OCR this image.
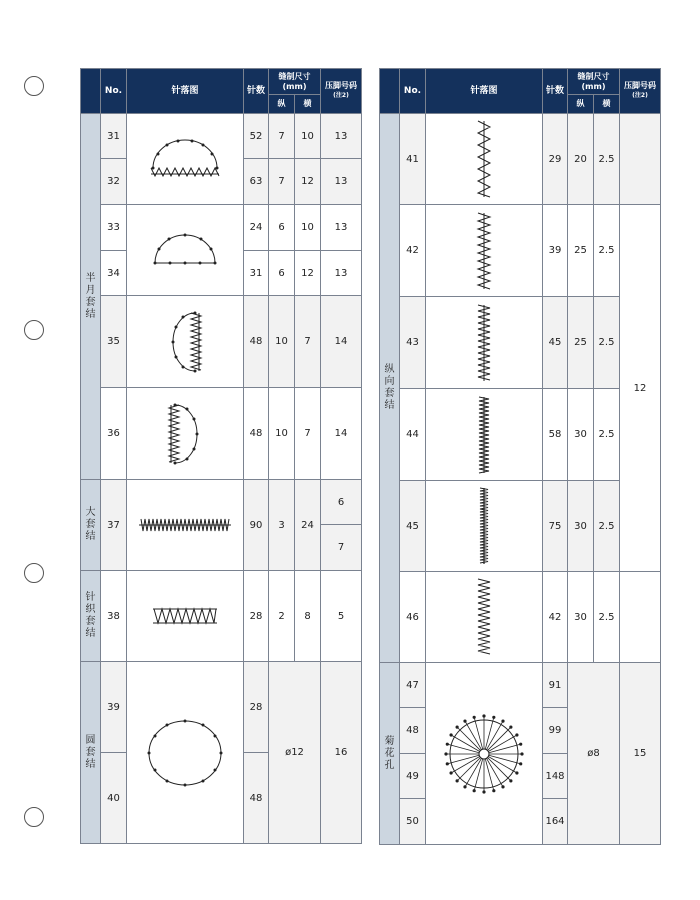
	No.	针落图	针数	缝制尺寸(mm)		压脚号码
(注2)

				纵	横	
半月套结	31		52	7	10	13
	32		63	7	12	13
	33		24	6	10	13
	34		31	6	12	13
	35		48	10	7	14
	36		48	10	7	14
大套结	37		90	3	24	6
						7
针织套结	38		28	2	8	5
圆套结	39		28	ø12		16
	40		48			
	No.	针落图	针数	缝制尺寸(mm)		压脚号码
(注2)

				纵	横	
纵向套结	41		29	20	2.5	
	42		39	25	2.5	12
	43		45	25	2.5	
	44		58	30	2.5	
	45		75	30	2.5	
	46		42	30	2.5	
菊花孔	47		91	ø8		15
	48		99			
	49		148			
	50		164			
